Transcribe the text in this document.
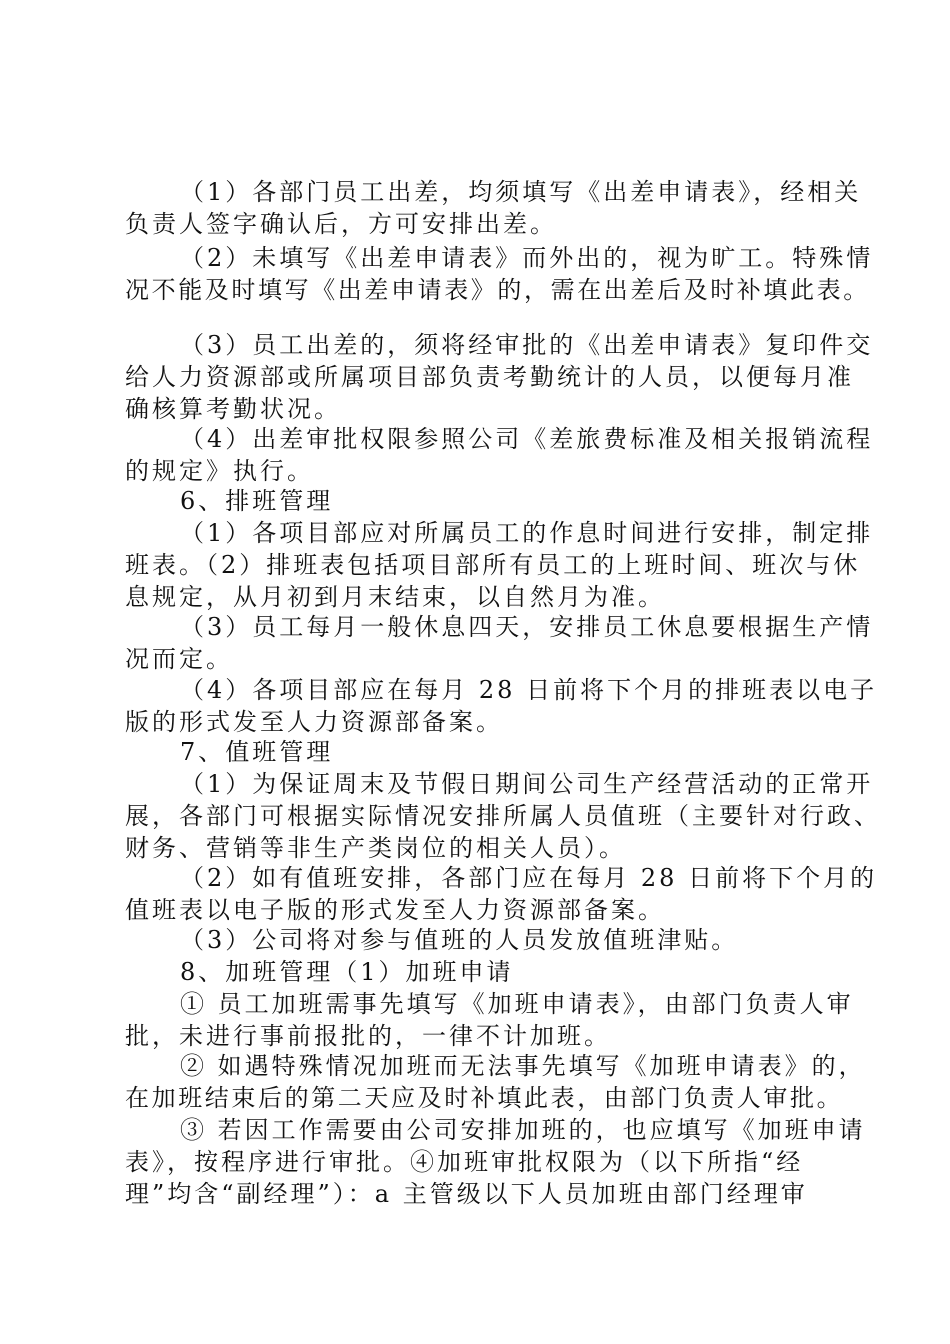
（1）各部门员工出差，均须填写《出差申请表》，经相关
负责人签字确认后，方可安排出差。
（2）未填写《出差申请表》而外出的，视为旷工。特殊情
况不能及时填写《出差申请表》的，需在出差后及时补填此表。
（3）员工出差的，须将经审批的《出差申请表》复印件交
给人力资源部或所属项目部负责考勤统计的人员，以便每月准
确核算考勤状况。
（4）出差审批权限参照公司《差旅费标准及相关报销流程
的规定》执行。
6、排班管理
（1）各项目部应对所属员工的作息时间进行安排，制定排
班表。（2）排班表包括项目部所有员工的上班时间、班次与休
息规定，从月初到月末结束，以自然月为准。
（3）员工每月一般休息四天，安排员工休息要根据生产情
况而定。
（4）各项目部应在每月 28 日前将下个月的排班表以电子
版的形式发至人力资源部备案。
7、值班管理
（1）为保证周末及节假日期间公司生产经营活动的正常开
展，各部门可根据实际情况安排所属人员值班（主要针对行政、
财务、营销等非生产类岗位的相关人员）。
（2）如有值班安排，各部门应在每月 28 日前将下个月的
值班表以电子版的形式发至人力资源部备案。
（3）公司将对参与值班的人员发放值班津贴。
8、加班管理（1）加班申请
① 员工加班需事先填写《加班申请表》，由部门负责人审
批，未进行事前报批的，一律不计加班。
② 如遇特殊情况加班而无法事先填写《加班申请表》的，
在加班结束后的第二天应及时补填此表，由部门负责人审批。
③ 若因工作需要由公司安排加班的，也应填写《加班申请
表》，按程序进行审批。④加班审批权限为（以下所指“经
理”均含“副经理”）：a 主管级以下人员加班由部门经理审
